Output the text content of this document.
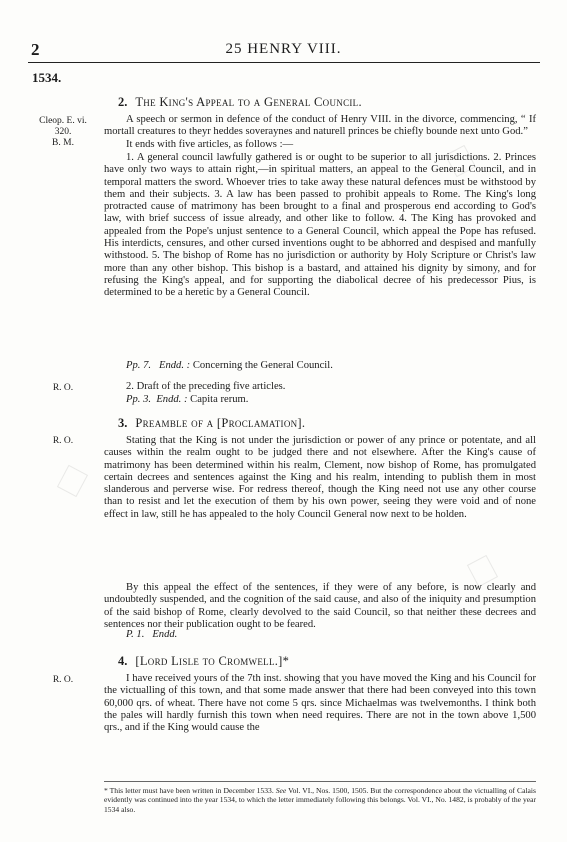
2	25 HENRY VIII.
1534.
Cleop. E. vi.
320.
B. M.
2. The King's Appeal to a General Council.
A speech or sermon in defence of the conduct of Henry VIII. in the divorce, commencing, “ If mortall creatures to theyr heddes soveraynes and naturell princes be chiefly bounde next unto God.”
It ends with five articles, as follows :—
1. A general council lawfully gathered is or ought to be superior to all jurisdictions. 2. Princes have only two ways to attain right,—in spiritual matters, an appeal to the General Council, and in temporal matters the sword. Whoever tries to take away these natural defences must be withstood by them and their subjects. 3. A law has been passed to prohibit appeals to Rome. The King's long protracted cause of matrimony has been brought to a final and prosperous end according to God's law, with brief success of issue already, and other like to follow. 4. The King has provoked and appealed from the Pope's unjust sentence to a General Council, which appeal the Pope has refused. His interdicts, censures, and other cursed inventions ought to be abhorred and despised and manfully withstood. 5. The bishop of Rome has no jurisdiction or authority by Holy Scripture or Christ's law more than any other bishop. This bishop is a bastard, and attained his dignity by simony, and for refusing the King's appeal, and for supporting the diabolical decree of his predecessor Pius, is determined to be a heretic by a General Council.
Pp. 7. Endd. : Concerning the General Council.
R. O.	2. Draft of the preceding five articles.
Pp. 3. Endd. : Capita rerum.
R. O.
3. Preamble of a [Proclamation].
Stating that the King is not under the jurisdiction or power of any prince or potentate, and all causes within the realm ought to be judged there and not elsewhere. After the King's cause of matrimony has been determined within his realm, Clement, now bishop of Rome, has promulgated certain decrees and sentences against the King and his realm, intending to publish them in most slanderous and perverse wise. For redress thereof, though the King need not use any other course than to resist and let the execution of them by his own power, seeing they were void and of none effect in law, still he has appealed to the holy Council General now next to be holden.
By this appeal the effect of the sentences, if they were of any before, is now clearly and undoubtedly suspended, and the cognition of the said cause, and also of the iniquity and presumption of the said bishop of Rome, clearly devolved to the said Council, so that neither these decrees and sentences nor their publication ought to be feared.
P. 1. Endd.
R. O.
4. [Lord Lisle to Cromwell.]*
I have received yours of the 7th inst. showing that you have moved the King and his Council for the victualling of this town, and that some made answer that there had been conveyed into this town 60,000 qrs. of wheat. There have not come 5 qrs. since Michaelmas was twelvemonths. I think both the pales will hardly furnish this town when need requires. There are not in the town above 1,500 qrs., and if the King would cause the
* This letter must have been written in December 1533. See Vol. VI., Nos. 1500, 1505. But the correspondence about the victualling of Calais evidently was continued into the year 1534, to which the letter immediately following this belongs. Vol. VI., No. 1482, is probably of the year 1534 also.
